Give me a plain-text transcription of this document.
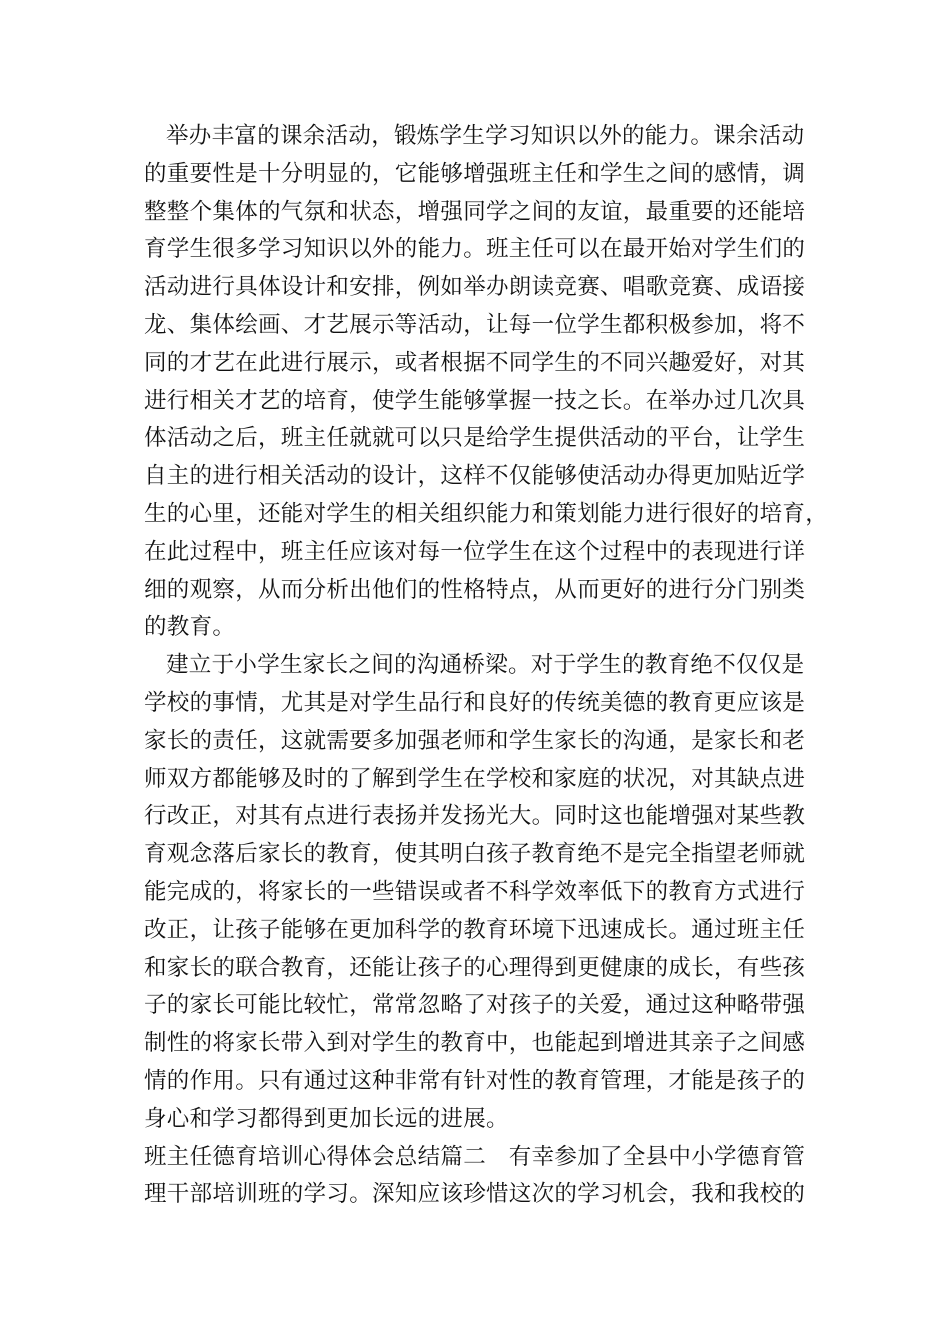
举办丰富的课余活动，锻炼学生学习知识以外的能力。课余活动
的重要性是十分明显的，它能够增强班主任和学生之间的感情，调
整整个集体的气氛和状态，增强同学之间的友谊，最重要的还能培
育学生很多学习知识以外的能力。班主任可以在最开始对学生们的
活动进行具体设计和安排，例如举办朗读竞赛、唱歌竞赛、成语接
龙、集体绘画、才艺展示等活动，让每一位学生都积极参加，将不
同的才艺在此进行展示，或者根据不同学生的不同兴趣爱好，对其
进行相关才艺的培育，使学生能够掌握一技之长。在举办过几次具
体活动之后，班主任就就可以只是给学生提供活动的平台，让学生
自主的进行相关活动的设计，这样不仅能够使活动办得更加贴近学
生的心里，还能对学生的相关组织能力和策划能力进行很好的培育，
在此过程中，班主任应该对每一位学生在这个过程中的表现进行详
细的观察，从而分析出他们的性格特点，从而更好的进行分门别类
的教育。
建立于小学生家长之间的沟通桥梁。对于学生的教育绝不仅仅是
学校的事情，尤其是对学生品行和良好的传统美德的教育更应该是
家长的责任，这就需要多加强老师和学生家长的沟通，是家长和老
师双方都能够及时的了解到学生在学校和家庭的状况，对其缺点进
行改正，对其有点进行表扬并发扬光大。同时这也能增强对某些教
育观念落后家长的教育，使其明白孩子教育绝不是完全指望老师就
能完成的，将家长的一些错误或者不科学效率低下的教育方式进行
改正，让孩子能够在更加科学的教育环境下迅速成长。通过班主任
和家长的联合教育，还能让孩子的心理得到更健康的成长，有些孩
子的家长可能比较忙，常常忽略了对孩子的关爱，通过这种略带强
制性的将家长带入到对学生的教育中，也能起到增进其亲子之间感
情的作用。只有通过这种非常有针对性的教育管理，才能是孩子的
身心和学习都得到更加长远的进展。
班主任德育培训心得体会总结篇二　有幸参加了全县中小学德育管
理干部培训班的学习。深知应该珍惜这次的学习机会，我和我校的
